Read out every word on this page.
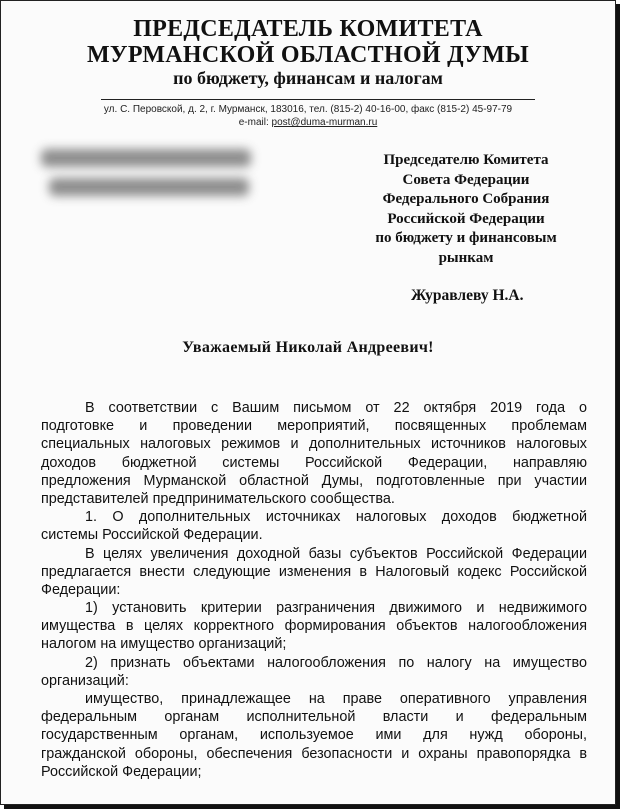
ПРЕДСЕДАТЕЛЬ КОМИТЕТА
МУРМАНСКОЙ ОБЛАСТНОЙ ДУМЫ
по бюджету, финансам и налогам
ул. С. Перовской, д. 2, г. Мурманск, 183016, тел. (815-2) 40-16-00, факс (815-2) 45-97-79
e-mail: post@duma-murman.ru
Председателю Комитета
Совета Федерации
Федерального Собрания
Российской Федерации
по бюджету и финансовым
рынкам
Журавлеву Н.А.
Уважаемый Николай Андреевич!
В соответствии с Вашим письмом от 22 октября 2019 года о
подготовке и проведении мероприятий, посвященных проблемам
специальных налоговых режимов и дополнительных источников налоговых
доходов бюджетной системы Российской Федерации, направляю
предложения Мурманской областной Думы, подготовленные при участии
представителей предпринимательского сообщества.
1. О дополнительных источниках налоговых доходов бюджетной
системы Российской Федерации.
В целях увеличения доходной базы субъектов Российской Федерации
предлагается внести следующие изменения в Налоговый кодекс Российской
Федерации:
1) установить критерии разграничения движимого и недвижимого
имущества в целях корректного формирования объектов налогообложения
налогом на имущество организаций;
2) признать объектами налогообложения по налогу на имущество
организаций:
имущество, принадлежащее на праве оперативного управления
федеральным органам исполнительной власти и федеральным
государственным органам, используемое ими для нужд обороны,
гражданской обороны, обеспечения безопасности и охраны правопорядка в
Российской Федерации;
